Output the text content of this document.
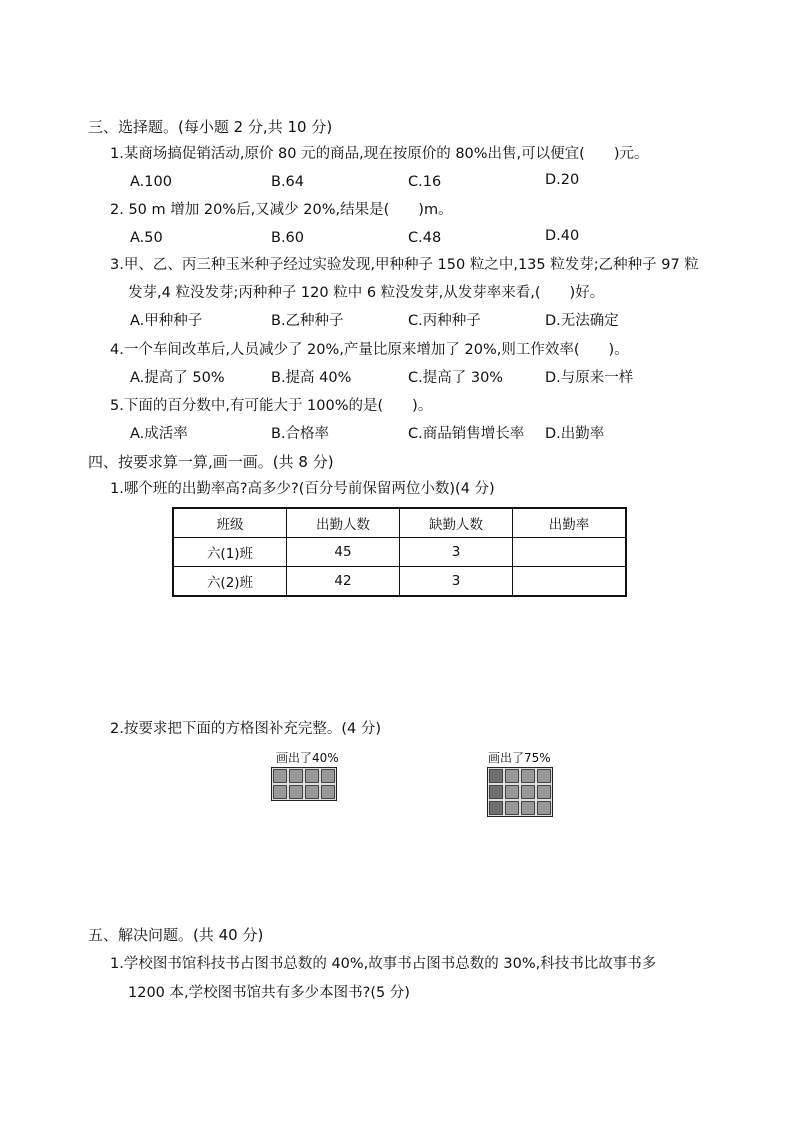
三、选择题。(每小题 2 分,共 10 分)
1.某商场搞促销活动,原价 80 元的商品,现在按原价的 80%出售,可以便宜(　　)元。
A.100	B.64	C.16	D.20
2. 50 m 增加 20%后,又减少 20%,结果是(　　)m。
A.50	B.60	C.48	D.40
3.甲、乙、丙三种玉米种子经过实验发现,甲种种子 150 粒之中,135 粒发芽;乙种种子 97 粒
发芽,4 粒没发芽;丙种种子 120 粒中 6 粒没发芽,从发芽率来看,(　　)好。
A.甲种种子	B.乙种种子	C.丙种种子	D.无法确定
4.一个车间改革后,人员减少了 20%,产量比原来增加了 20%,则工作效率(　　)。
A.提高了 50%	B.提高 40%	C.提高了 30%	D.与原来一样
5.下面的百分数中,有可能大于 100%的是(　　)。
A.成活率	B.合格率	C.商品销售增长率 D.出勤率
四、按要求算一算,画一画。(共 8 分)
1.哪个班的出勤率高?高多少?(百分号前保留两位小数)(4 分)
班级	出勤人数	缺勤人数	出勤率
六(1)班	45	3	
六(2)班	42	3	
2.按要求把下面的方格图补充完整。(4 分)
画出了40%	画出了75%
五、解决问题。(共 40 分)
1.学校图书馆科技书占图书总数的 40%,故事书占图书总数的 30%,科技书比故事书多
1200 本,学校图书馆共有多少本图书?(5 分)
